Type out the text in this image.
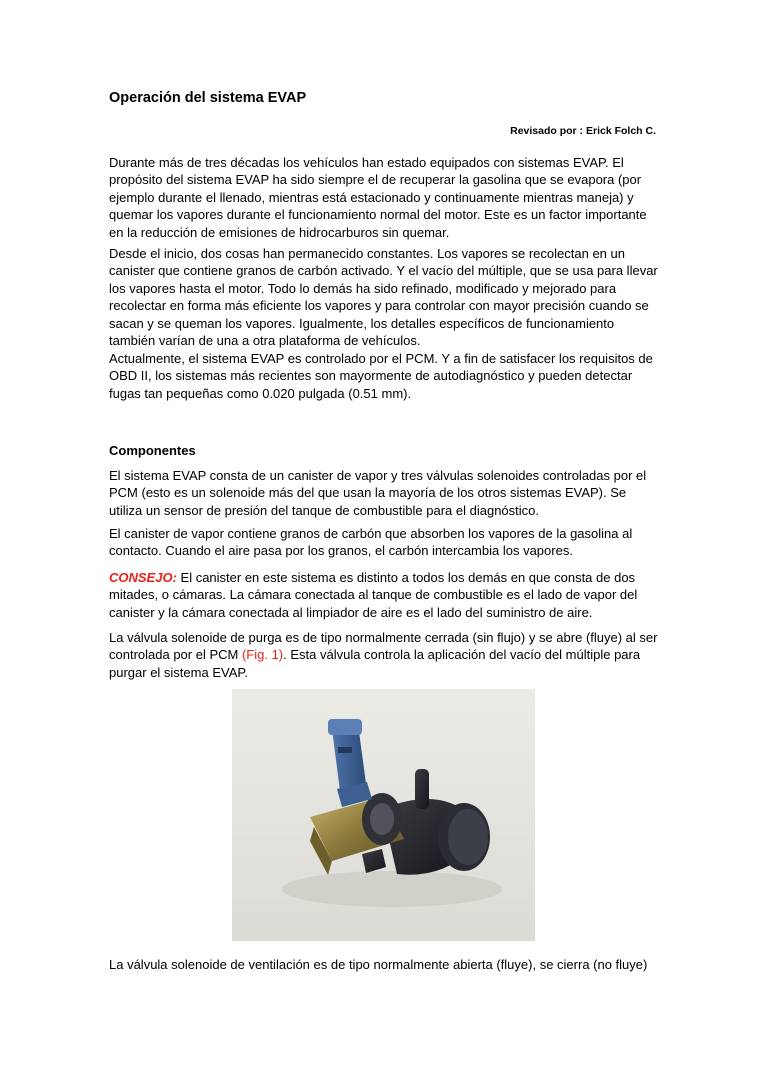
Operación del sistema EVAP
Revisado por : Erick Folch C.
Durante más de tres décadas los vehículos han estado equipados con sistemas EVAP. El propósito del sistema EVAP ha sido siempre el de recuperar la gasolina que se evapora (por ejemplo durante el llenado, mientras está estacionado y continuamente mientras maneja) y quemar los vapores durante el funcionamiento normal del motor. Este es un factor importante en la reducción de emisiones de hidrocarburos sin quemar.
Desde el inicio, dos cosas han permanecido constantes. Los vapores se recolectan en un canister que contiene granos de carbón activado. Y el vacío del múltiple, que se usa para llevar los vapores hasta el motor. Todo lo demás ha sido refinado, modificado y mejorado para recolectar en forma más eficiente los vapores y para controlar con mayor precisión cuando se sacan y se queman los vapores. Igualmente, los detalles específicos de funcionamiento también varían de una a otra plataforma de vehículos.
Actualmente, el sistema EVAP es controlado por el PCM. Y a fin de satisfacer los requisitos de OBD II, los sistemas más recientes son mayormente de autodiagnóstico y pueden detectar fugas tan pequeñas como 0.020 pulgada (0.51 mm).
Componentes
El sistema EVAP consta de un canister de vapor y tres válvulas solenoides controladas por el PCM (esto es un solenoide más del que usan la mayoría de los otros sistemas EVAP). Se utiliza un sensor de presión del tanque de combustible para el diagnóstico.
El canister de vapor contiene granos de carbón que absorben los vapores de la gasolina al contacto. Cuando el aire pasa por los granos, el carbón intercambia los vapores.
CONSEJO: El canister en este sistema es distinto a todos los demás en que consta de dos mitades, o cámaras. La cámara conectada al tanque de combustible es el lado de vapor del canister y la cámara conectada al limpiador de aire es el lado del suministro de aire.
La válvula solenoide de purga es de tipo normalmente cerrada (sin flujo) y se abre (fluye) al ser controlada por el PCM (Fig. 1). Esta válvula controla la aplicación del vacío del múltiple para purgar el sistema EVAP.
La válvula solenoide de ventilación es de tipo normalmente abierta (fluye), se cierra (no fluye)
